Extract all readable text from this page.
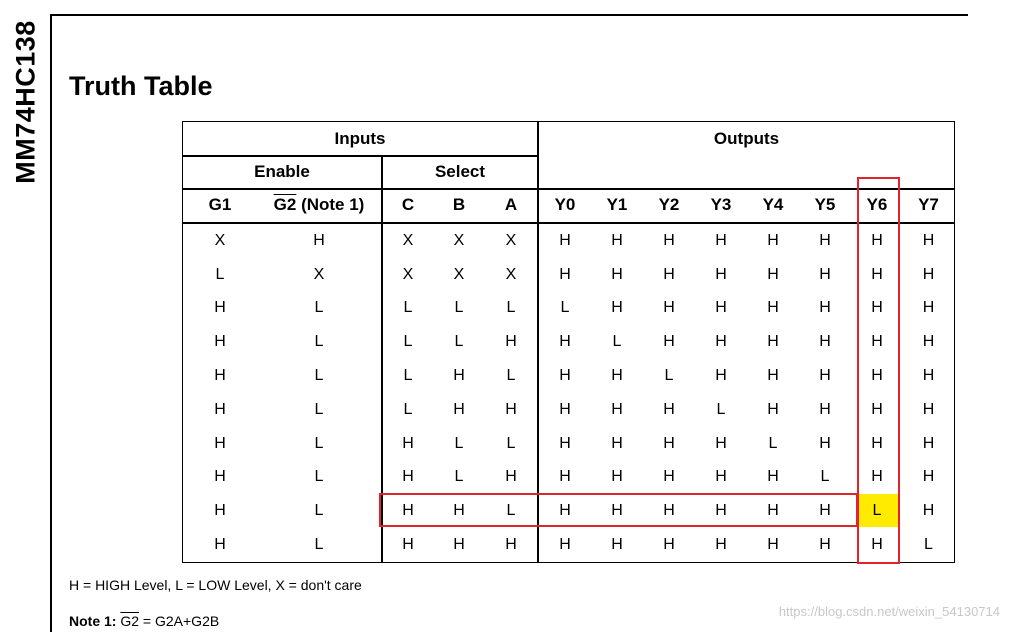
MM74HC138 Truth Table
Inputs	Outputs
Enable	Select
G1	G2 (Note 1)	C	B	A	Y0	Y1	Y2	Y3	Y4	Y5	Y6	Y7
X	H	X	X	X	H	H	H	H	H	H	H	H
L	X	X	X	X	H	H	H	H	H	H	H	H
H	L	L	L	L	L	H	H	H	H	H	H	H
H	L	L	L	H	H	L	H	H	H	H	H	H
H	L	L	H	L	H	H	L	H	H	H	H	H
H	L	L	H	H	H	H	H	L	H	H	H	H
H	L	H	L	L	H	H	H	H	L	H	H	H
H	L	H	L	H	H	H	H	H	H	L	H	H
H	L	H	H	L	H	H	H	H	H	H	L	H
H	L	H	H	H	H	H	H	H	H	H	H	L
H = HIGH Level, L = LOW Level, X = don't care
Note 1: G2 = G2A+G2B
https://blog.csdn.net/weixin_54130714
